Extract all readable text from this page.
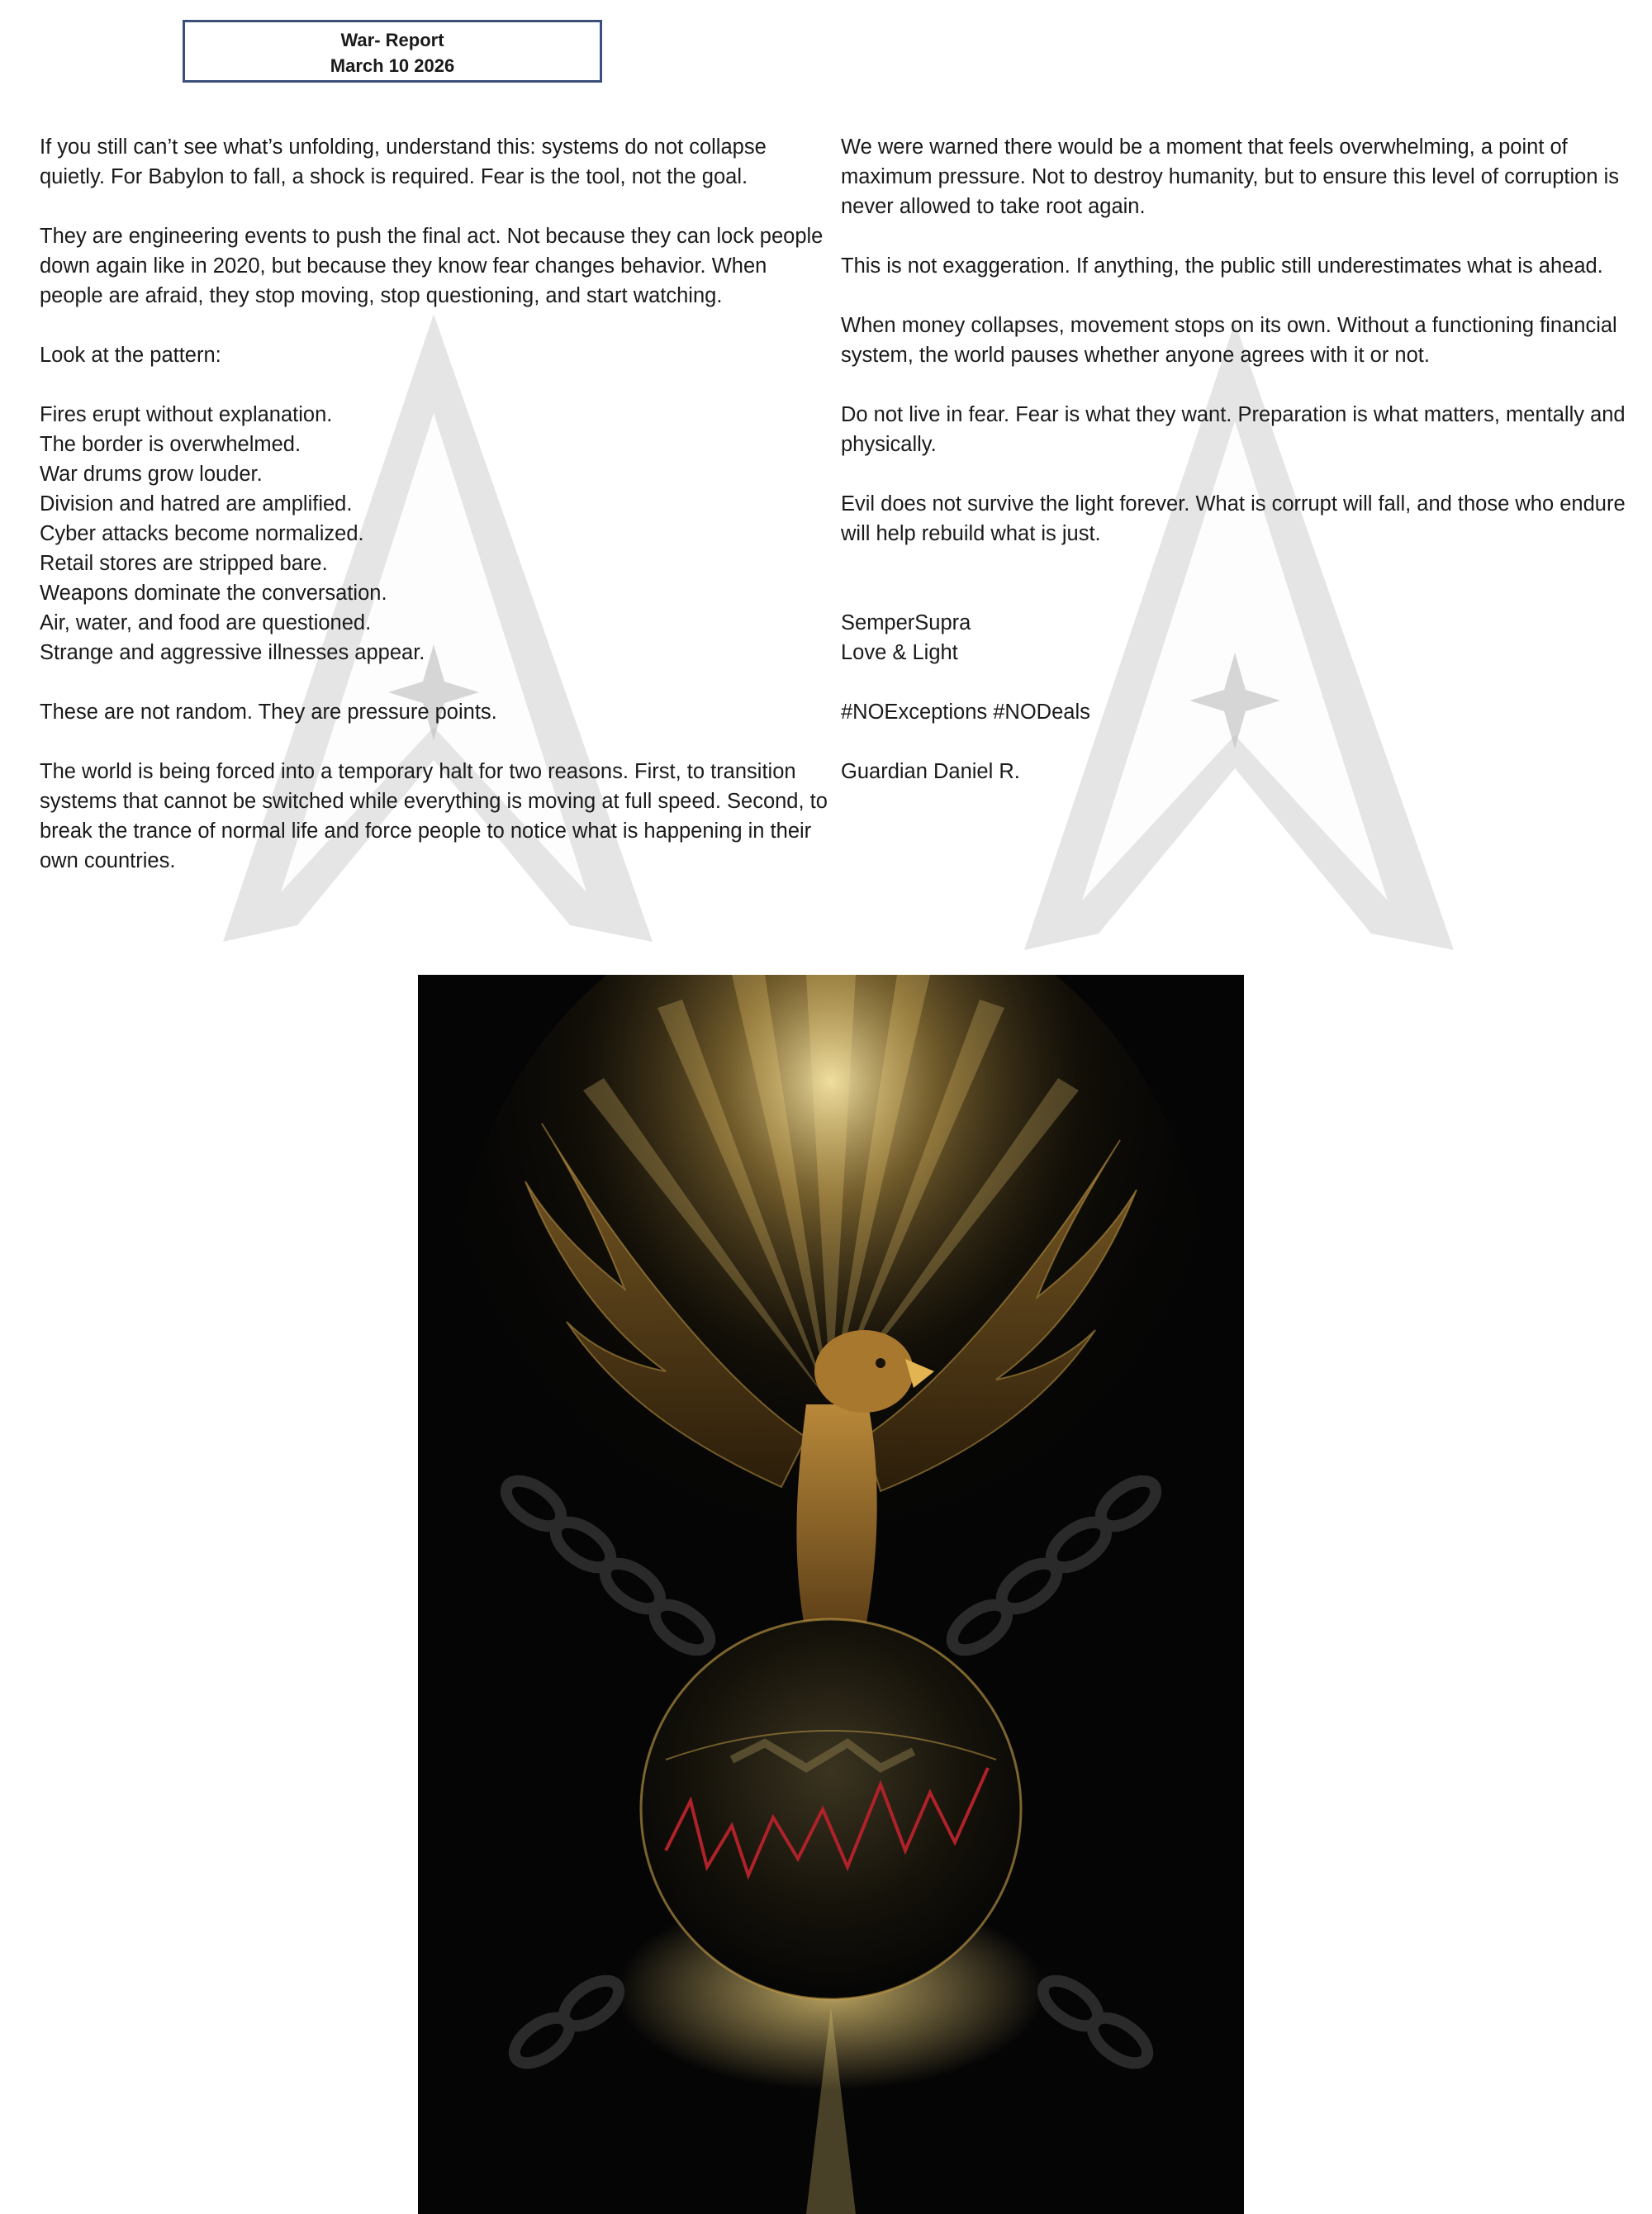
War- Report
March 10 2026

If you still can’t see what’s unfolding, understand this: systems do not collapse quietly. For Babylon to fall, a shock is required. Fear is the tool, not the goal.

They are engineering events to push the final act. Not because they can lock people down again like in 2020, but because they know fear changes behavior. When people are afraid, they stop moving, stop questioning, and start watching.

Look at the pattern:

Fires erupt without explanation.
The border is overwhelmed.
War drums grow louder.
Division and hatred are amplified.
Cyber attacks become normalized.
Retail stores are stripped bare.
Weapons dominate the conversation.
Air, water, and food are questioned.
Strange and aggressive illnesses appear.

These are not random. They are pressure points.

The world is being forced into a temporary halt for two reasons. First, to transition systems that cannot be switched while everything is moving at full speed. Second, to break the trance of normal life and force people to notice what is happening in their own countries.

We were warned there would be a moment that feels overwhelming, a point of maximum pressure. Not to destroy humanity, but to ensure this level of corruption is never allowed to take root again.

This is not exaggeration. If anything, the public still underestimates what is ahead.

When money collapses, movement stops on its own. Without a functioning financial system, the world pauses whether anyone agrees with it or not.

Do not live in fear. Fear is what they want. Preparation is what matters, mentally and physically.

Evil does not survive the light forever. What is corrupt will fall, and those who endure will help rebuild what is just.

SemperSupra
Love & Light

#NOExceptions #NODeals

Guardian Daniel R.
